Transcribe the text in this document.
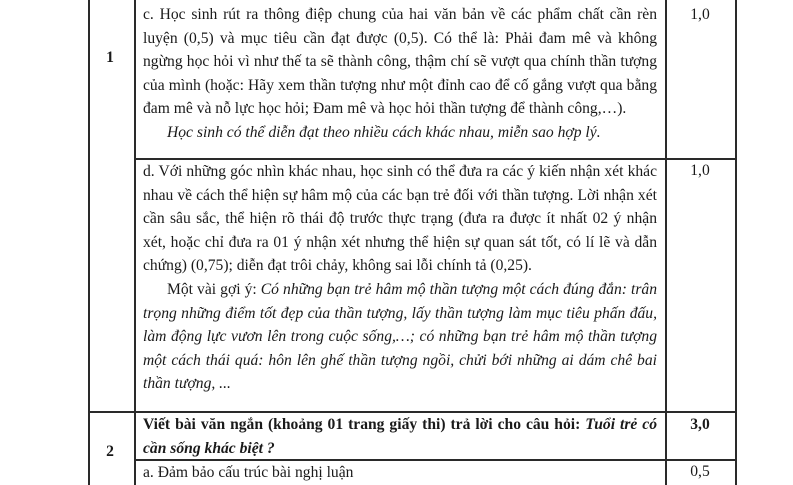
1

c. Học sinh rút ra thông điệp chung của hai văn bản về các phẩm chất cần rèn luyện (0,5) và mục tiêu cần đạt được (0,5). Có thể là: Phải đam mê và không ngừng học hỏi vì như thế ta sẽ thành công, thậm chí sẽ vượt qua chính thần tượng của mình (hoặc: Hãy xem thần tượng như một đỉnh cao để cố gắng vượt qua bằng đam mê và nỗ lực học hỏi; Đam mê và học hỏi thần tượng để thành công,…).

Học sinh có thể diễn đạt theo nhiều cách khác nhau, miễn sao hợp lý.

1,0

d. Với những góc nhìn khác nhau, học sinh có thể đưa ra các ý kiến nhận xét khác nhau về cách thể hiện sự hâm mộ của các bạn trẻ đối với thần tượng. Lời nhận xét cần sâu sắc, thể hiện rõ thái độ trước thực trạng (đưa ra được ít nhất 02 ý nhận xét, hoặc chỉ đưa ra 01 ý nhận xét nhưng thể hiện sự quan sát tốt, có lí lẽ và dẫn chứng) (0,75); diễn đạt trôi chảy, không sai lỗi chính tả (0,25).

Một vài gợi ý: Có những bạn trẻ hâm mộ thần tượng một cách đúng đắn: trân trọng những điểm tốt đẹp của thần tượng, lấy thần tượng làm mục tiêu phấn đấu, làm động lực vươn lên trong cuộc sống,…; có những bạn trẻ hâm mộ thần tượng một cách thái quá: hôn lên ghế thần tượng ngồi, chửi bới những ai dám chê bai thần tượng, ...

1,0
2

Viết bài văn ngắn (khoảng 01 trang giấy thi) trả lời cho câu hỏi: Tuổi trẻ có cần sống khác biệt ?

3,0

a. Đảm bảo cấu trúc bài nghị luận	0,5
